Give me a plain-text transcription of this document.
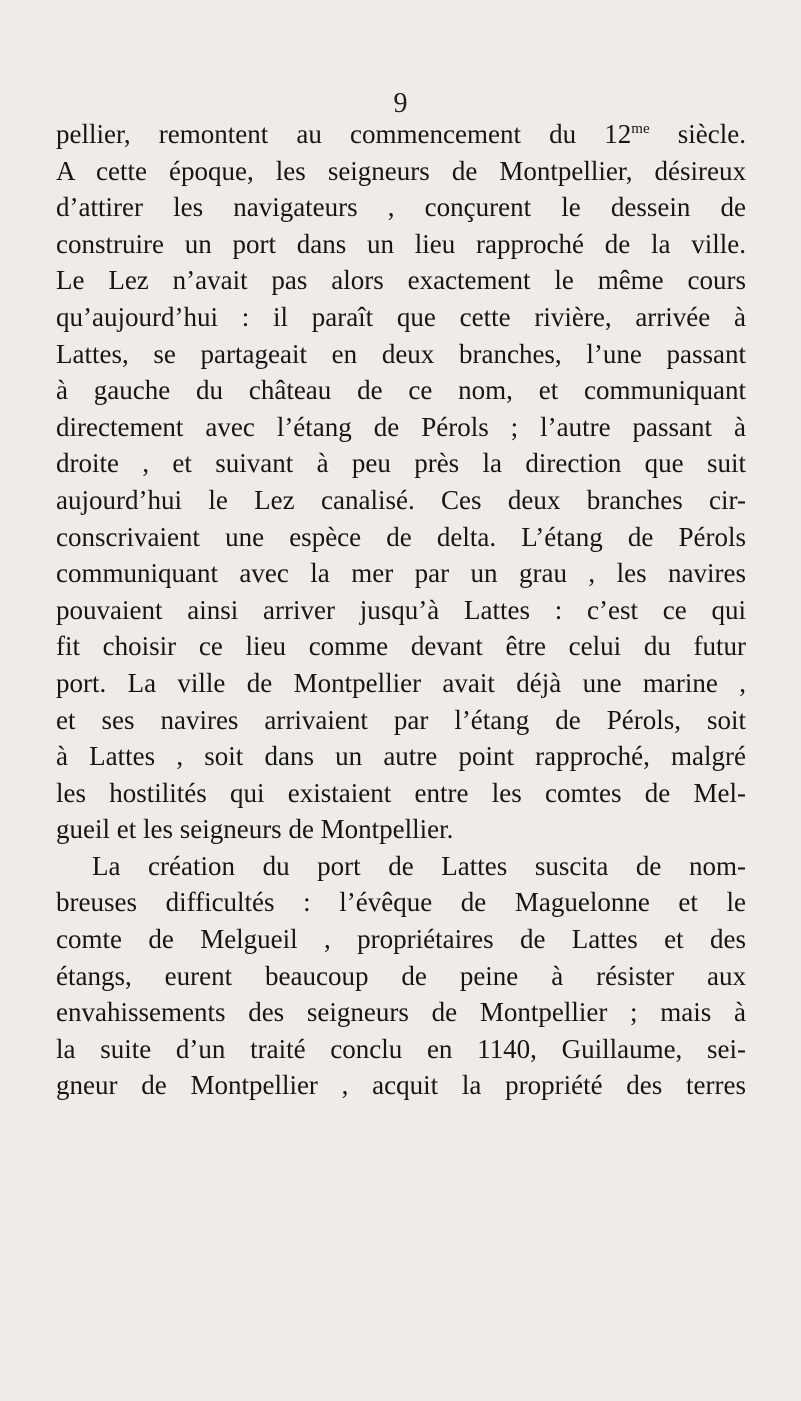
9
pellier, remontent au commencement du $12^{me}$ siècle.
A cette époque, les seigneurs de Montpellier, désireux
d’attirer les navigateurs , conçurent le dessein de
construire un port dans un lieu rapproché de la ville.
Le Lez n’avait pas alors exactement le même cours
qu’aujourd’hui : il paraît que cette rivière, arrivée à
Lattes, se partageait en deux branches, l’une passant
à gauche du château de ce nom, et communiquant
directement avec l’étang de Pérols ; l’autre passant à
droite , et suivant à peu près la direction que suit
aujourd’hui le Lez canalisé. Ces deux branches cir-
conscrivaient une espèce de delta. L’étang de Pérols
communiquant avec la mer par un grau , les navires
pouvaient ainsi arriver jusqu’à Lattes : c’est ce qui
fit choisir ce lieu comme devant être celui du futur
port. La ville de Montpellier avait déjà une marine ,
et ses navires arrivaient par l’étang de Pérols, soit
à Lattes , soit dans un autre point rapproché, malgré
les hostilités qui existaient entre les comtes de Mel-
gueil et les seigneurs de Montpellier.
La création du port de Lattes suscita de nom-
breuses difficultés : l’évêque de Maguelonne et le
comte de Melgueil , propriétaires de Lattes et des
étangs, eurent beaucoup de peine à résister aux
envahissements des seigneurs de Montpellier ; mais à
la suite d’un traité conclu en 1140, Guillaume, sei-
gneur de Montpellier , acquit la propriété des terres
